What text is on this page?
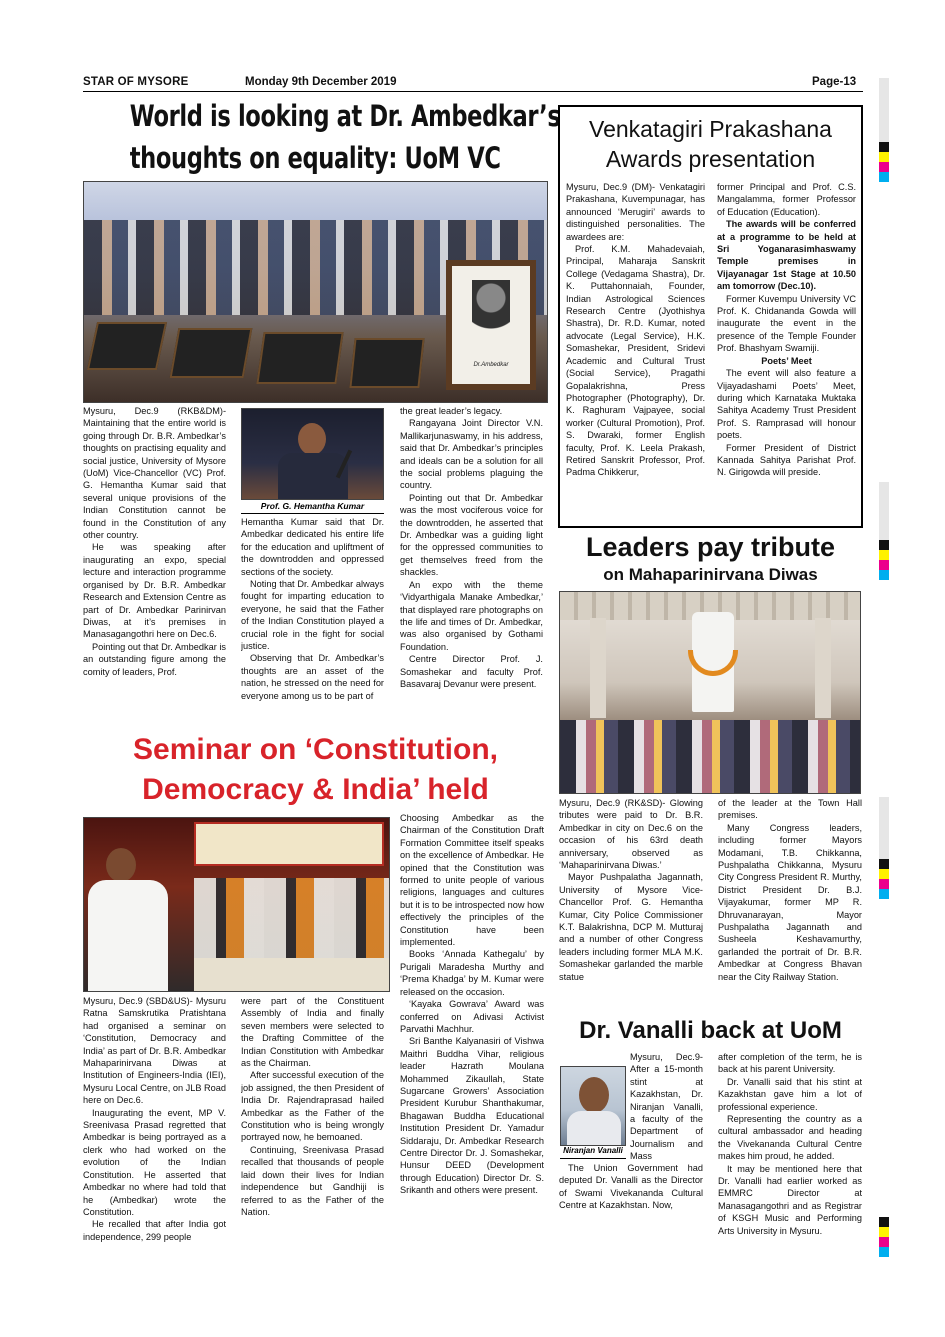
STAR OF MYSORE	Monday 9th December 2019	Page-13
World is looking at Dr. Ambedkar’s
thoughts on equality: UoM VC
Dr.Ambedkar

Mysuru, Dec.9 (RKB&DM)- Maintaining that the entire world is going through Dr. B.R. Ambedkar’s thoughts on practising equality and social justice, University of Mysore (UoM) Vice-Chancellor (VC) Prof. G. Hemantha Kumar said that several unique provisions of the Indian Constitution cannot be found in the Constitution of any other country.

He was speaking after inaugurating an expo, special lecture and interaction programme organised by Dr. B.R. Ambedkar Research and Extension Centre as part of Dr. Ambedkar Parinirvan Diwas, at it’s premises in Manasagangothri here on Dec.6.

Pointing out that Dr. Ambedkar is an outstanding figure among the comity of leaders, Prof.

Prof. G. Hemantha Kumar

Hemantha Kumar said that Dr. Ambedkar dedicated his entire life for the education and upliftment of the downtrodden and oppressed sections of the society.

Noting that Dr. Ambedkar always fought for imparting education to everyone, he said that the Father of the Indian Constitution played a crucial role in the fight for social justice.

Observing that Dr. Ambedkar’s thoughts are an asset of the nation, he stressed on the need for everyone among us to be part of

the great leader’s legacy.

Rangayana Joint Director V.N. Mallikarjunaswamy, in his address, said that Dr. Ambedkar’s principles and ideals can be a solution for all the social problems plaguing the country.

Pointing out that Dr. Ambedkar was the most vociferous voice for the downtrodden, he asserted that Dr. Ambedkar was a guiding light for the oppressed communities to get themselves freed from the shackles.

An expo with the theme ‘Vidyarthigala Manake Ambedkar,’ that displayed rare photographs on the life and times of Dr. Ambedkar, was also organised by Gothami Foundation.

Centre Director Prof. J. Somashekar and faculty Prof. Basavaraj Devanur were present.

Venkatagiri Prakashana
Awards presentation

Mysuru, Dec.9 (DM)- Venkatagiri Prakashana, Kuvempunagar, has announced ‘Merugiri’ awards to distinguished personalities. The awardees are:

Prof. K.M. Mahadevaiah, Principal, Maharaja Sanskrit College (Vedagama Shastra), Dr. K. Puttahonnaiah, Founder, Indian Astrological Sciences Research Centre (Jyothishya Shastra), Dr. R.D. Kumar, noted advocate (Legal Service), H.K. Somashekar, President, Sridevi Academic and Cultural Trust (Social Service), Pragathi Gopalakrishna, Press Photographer (Photography), Dr. K. Raghuram Vajpayee, social worker (Cultural Promotion), Prof. S. Dwaraki, former English faculty, Prof. K. Leela Prakash, Retired Sanskrit Professor, Prof. Padma Chikkerur,

former Principal and Prof. C.S. Mangalamma, former Professor of Education (Education).

The awards will be conferred at a programme to be held at Sri Yoganarasimhaswamy Temple premises in Vijayanagar 1st Stage at 10.50 am tomorrow (Dec.10).

Former Kuvempu University VC Prof. K. Chidananda Gowda will inaugurate the event in the presence of the Temple Founder Prof. Bhashyam Swamiji.

Poets’ Meet

The event will also feature a Vijayadashami Poets’ Meet, during which Karnataka Muktaka Sahitya Academy Trust President Prof. S. Ramprasad will honour poets.

Former President of District Kannada Sahitya Parishat Prof. N. Girigowda will preside.

Leaders pay tribute
on Mahaparinirvana Diwas

Mysuru, Dec.9 (RK&SD)- Glowing tributes were paid to Dr. B.R. Ambedkar in city on Dec.6 on the occasion of his 63rd death anniversary, observed as ‘Mahaparinirvana Diwas.’

Mayor Pushpalatha Jagannath, University of Mysore Vice-Chancellor Prof. G. Hemantha Kumar, City Police Commissioner K.T. Balakrishna, DCP M. Mutturaj and a number of other Congress leaders including former MLA M.K. Somashekar garlanded the marble statue

of the leader at the Town Hall premises.

Many Congress leaders, including former Mayors Modamani, T.B. Chikkanna, Pushpalatha Chikkanna, Mysuru City Congress President R. Murthy, District President Dr. B.J. Vijayakumar, former MP R. Dhruvanarayan, Mayor Pushpalatha Jagannath and Susheela Keshavamurthy, garlanded the portrait of Dr. B.R. Ambedkar at Congress Bhavan near the City Railway Station.

Seminar on ‘Constitution,
Democracy & India’ held

Mysuru, Dec.9 (SBD&US)- Mysuru Ratna Samskrutika Pratishtana had organised a seminar on ‘Constitution, Democracy and India’ as part of Dr. B.R. Ambedkar Mahaparinirvana Diwas at Institution of Engineers-India (IEI), Mysuru Local Centre, on JLB Road here on Dec.6.

Inaugurating the event, MP V. Sreenivasa Prasad regretted that Ambedkar is being portrayed as a clerk who had worked on the evolution of the Indian Constitution. He asserted that Ambedkar no where had told that he (Ambedkar) wrote the Constitution.

He recalled that after India got independence, 299 people

were part of the Constituent Assembly of India and finally seven members were selected to the Drafting Committee of the Indian Constitution with Ambedkar as the Chairman.

After successful execution of the job assigned, the then President of India Dr. Rajendraprasad hailed Ambedkar as the Father of the Constitution who is being wrongly portrayed now, he bemoaned.

Continuing, Sreenivasa Prasad recalled that thousands of people laid down their lives for Indian independence but Gandhiji is referred to as the Father of the Nation.

Choosing Ambedkar as the Chairman of the Constitution Draft Formation Committee itself speaks on the excellence of Ambedkar. He opined that the Constitution was formed to unite people of various religions, languages and cultures but it is to be introspected now how effectively the principles of the Constitution have been implemented.

Books ‘Annada Kathegalu’ by Purigali Maradesha Murthy and ‘Prema Khadga’ by M. Kumar were released on the occasion.

‘Kayaka Gowrava’ Award was conferred on Adivasi Activist Parvathi Machhur.

Sri Banthe Kalyanasiri of Vishwa Maithri Buddha Vihar, religious leader Hazrath Moulana Mohammed Zikaullah, State Sugarcane Growers’ Association President Kurubur Shanthakumar, Bhagawan Buddha Educational Institution President Dr. Yamadur Siddaraju, Dr. Ambedkar Research Centre Director Dr. J. Somashekar, Hunsur DEED (Development through Education) Director Dr. S. Srikanth and others were present.

Dr. Vanalli back at UoM
Niranjan Vanalli

Mysuru, Dec.9- After a 15-month stint at Kazakhstan, Dr. Niranjan Vanalli, a faculty of the Department of Journalism and Mass

The Union Government had deputed Dr. Vanalli as the Director of Swami Vivekananda Cultural Centre at Kazakhstan. Now,

after completion of the term, he is back at his parent University.

Dr. Vanalli said that his stint at Kazakhstan gave him a lot of professional experience.

Representing the country as a cultural ambassador and heading the Vivekananda Cultural Centre makes him proud, he added.

It may be mentioned here that Dr. Vanalli had earlier worked as EMMRC Director at Manasagangothri and as Registrar of KSGH Music and Performing Arts University in Mysuru.
